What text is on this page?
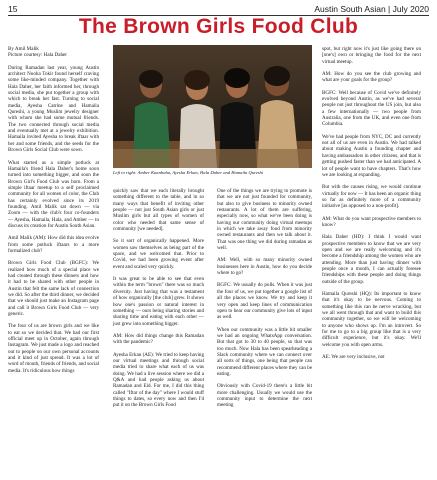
15	Austin South Asian | July 2020
The Brown Girls Food Club

By Amil Malik

Picture courtesy: Hala Daher

During Ramadan last year, young Austin architect Nooha Tokir found herself craving some like-minded company. Together with Hala Daher, her faith informed her, through social media, she put together a group with which to break her fast. Turning to social media, Ayesha Catrine and Hamaila Qureshi, a young Muslim jewelry designer with whom she had some mutual friends. The two connected through social media and eventually met at a jewelry exhibition. Hamaila invited Ayesha to break iftaar with her and some friends, and the seeds for the Brown Girls Social Club were sown.

What started as a simple potluck at Hamaila's friend Hala Daher's home soon turned into something bigger, and soon the Brown Girl's Food Club was born. From a simple iftaar meetup to a self proclaimed community for all women of color, the Club has certainly evolved since its 2019 founding. Amil Malik sat down — via Zoom — with the club's four co-founders — Ayesha, Hamaila, Hala, and Amber — to discuss its creation for Austin South Asian.

Amil Malik (AM): How did this idea evolve from some potluck iftaars to a more formalized club?

Brown Girls Food Club (BGFC): We realized how much of a special place we had created through these dinners and how it had to be shared with other people in Austin that felt the same lack of connection we did. So after the third dinner, we decided that we should just make an Instagram page and call it Brown Girls Food Club — very generic.

The four of us are brown girls and we like to eat so we decided that. We had our first official meet up in October, again through Instagram. We just made a logo and reached out to people on our own personal accounts and it kind of just spread. It was a lot of word of mouth, friends of friends, and social media. It's ridiculous how things

Left to right: Amber Kuanbaha, Ayesha Erkan, Hala Daher and Hamaila Qureshi

quickly saw that we each literally brought something different to the table, and in so many ways that benefit of inviting other people — not just South Asian girls or just Muslim girls but all types of women of color who needed that same sense of community [we needed].

So it sort of organically happened. More women saw themselves as being part of the space, and we welcomed that. Prior to Covid, we had been growing event after event and scaled very quickly.

It was great to be able to see that even within the term "brown" there was so much diversity. Just having that was a testament of how organically [the club] grew. It shows how one's passion or natural interest in something — ours being sharing stories and sharing time and eating with each other — just grew into something bigger.

AM: How did things change this Ramadan with the pandemic?

Ayesha Erkan (AE): We tried to keep having our virtual meetings and through social media tried to share what each of us was doing. We had a live session where we did a Q&A and had people asking us about Ramadan and Eid. For me, I did this thing called "Iftar of the day" where I would stuff things to dates, so every now and then I'd put it on the Brown Girls Food

One of the things we are trying to promote is that we are not just founded for community, but also to give business to minority owned restaurants. A lot of them are suffering, especially now, so what we've been doing is having our community doing virtual meetups in which we take away food from minority owned restaurants and then we talk about it. That was one thing we did during ramadan as well.

AM: Well, with so many minority owned businesses here in Austin, how do you decide where to go?

BGFC: We usually do polls. When it was just the four of us, we put together a google list of all the places we know. We try and keep it very open and keep lines of communication open to hear our community give lots of input as well.

When our community was a little bit smaller we had an ongoing WhatsApp conversation. But that got to 30 to 40 people, so that was too much. Now Hala has been spearheading a Slack community where we can connect over all sorts of things, one being that people can recommend different places where they can be eating.

Obviously with Covid-19 there's a little bit more challenging. Usually we would use the community input to determine the next meeting

spot, but right now it's just like going there on [one's] own or bringing the food for the next virtual meetup.

AM: How do you see the club growing and what are your goals for the group?

BGFC: Well because of Covid we've definitely evolved beyond Austin, as we've had several people not just throughout the US join, but also a few internationally — two people from Australia, one from the UK, and even one from Columbia.

We've had people from NYC, DC and currently not all of us are even in Austin. We had talked about making Austin a founding chapter and having ambassadors in other citizens, and that is getting pushed faster than we had anticipated. A lot of people want to have chapters. That's how we are looking at expanding.

But with the causes rising, we would continue virtually for now — It has been an organic thing so far as definitely more of a community initiative [as opposed to a non-profit].

AM: What do you want prospective members to know?

Hala Daher (HD): I think I would want prospective members to know that we are very open and we are really welcoming and it's become a friendship among the women who are attending. More than just having dinner with people once a month, I can actually foresee friendships with these people and doing things outside of the group.

Hamaila Qureshi (HQ): Its important to know that it's okay to be nervous. Coming to something like this can be nerve wracking, but we all went through that and want to build this community together, so we will be welcoming to anyone who shows up. I'm an introvert. So for me to go to a big group like that is a very difficult experience, but it's okay. We'll welcome you with open arms.

AE: We are very inclusive, not
